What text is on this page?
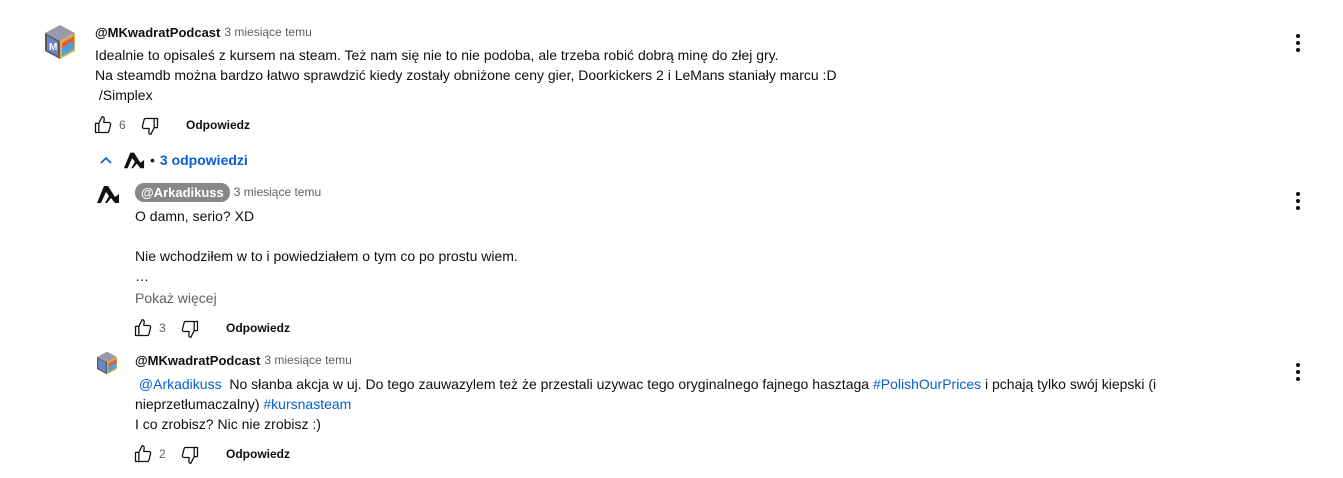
M
@MKwadratPodcast 3 miesiące temu
Idealnie to opisaleś z kursem na steam. Też nam się nie to nie podoba, ale trzeba robić dobrą minę do złej gry.
Na steamdb można bardzo łatwo sprawdzić kiedy zostały obniżone ceny gier, Doorkickers 2 i LeMans staniały marcu :D
/Simplex
6	Odpowiedz
• 3 odpowiedzi
@Arkadikuss 3 miesiące temu
O damn, serio? XD
Nie wchodziłem w to i powiedziałem o tym co po prostu wiem.
…
Pokaż więcej
3	Odpowiedz
@MKwadratPodcast 3 miesiące temu
@Arkadikuss  No słanba akcja w uj. Do tego zauwazylem też że przestali uzywac tego oryginalnego fajnego hasztaga #PolishOurPrices i pchają tylko swój kiepski (i
nieprzetłumaczalny) #kursnasteam
I co zrobisz? Nic nie zrobisz :)
2	Odpowiedz
